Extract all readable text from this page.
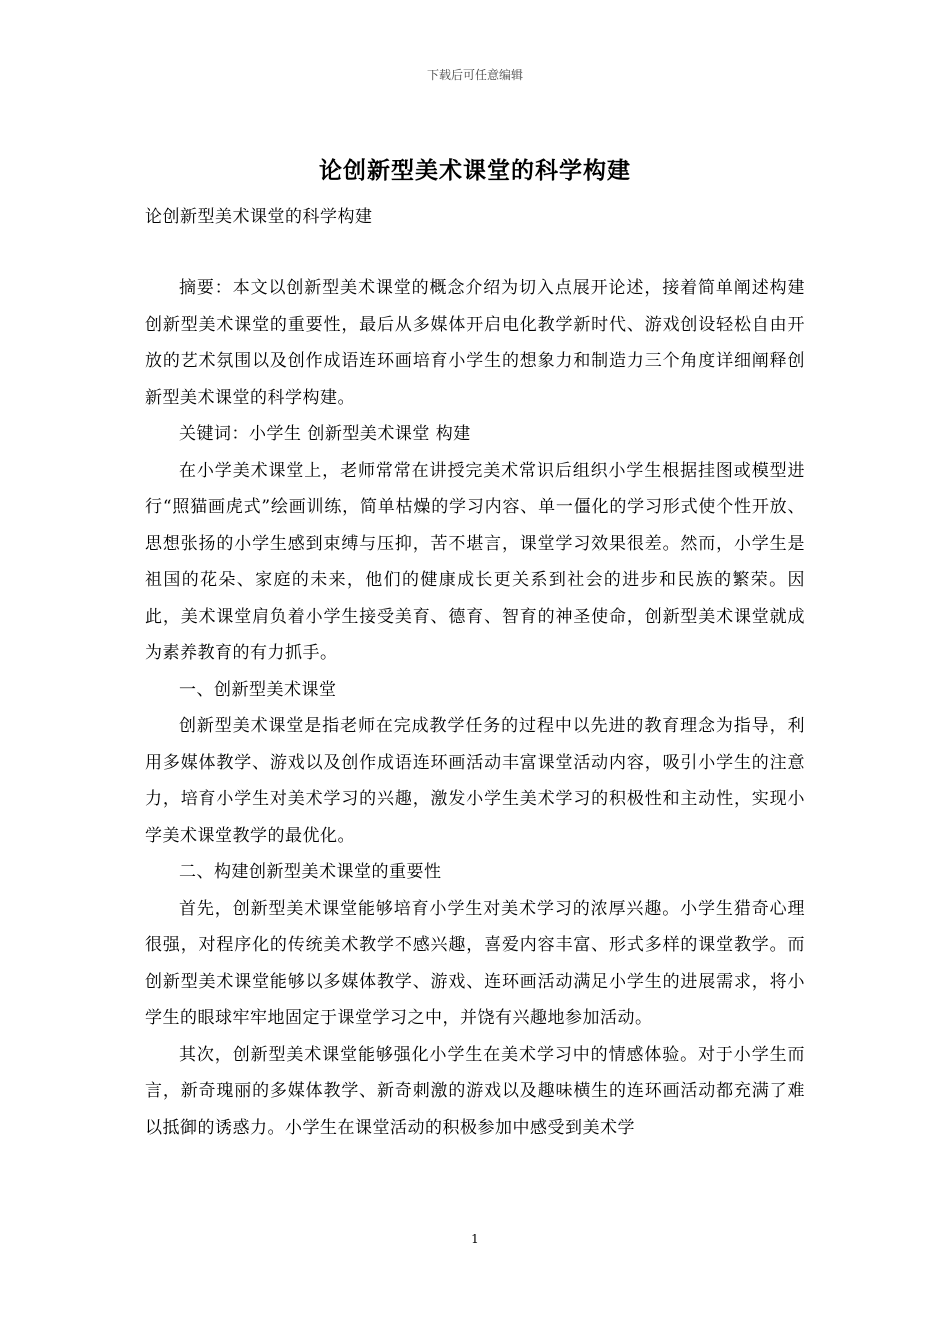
下载后可任意编辑
论创新型美术课堂的科学构建
论创新型美术课堂的科学构建

摘要：本文以创新型美术课堂的概念介绍为切入点展开论述，接着简单阐述构建创新型美术课堂的重要性，最后从多媒体开启电化教学新时代、游戏创设轻松自由开放的艺术氛围以及创作成语连环画培育小学生的想象力和制造力三个角度详细阐释创新型美术课堂的科学构建。

关键词：小学生 创新型美术课堂 构建

在小学美术课堂上，老师常常在讲授完美术常识后组织小学生根据挂图或模型进行“照猫画虎式”绘画训练，简单枯燥的学习内容、单一僵化的学习形式使个性开放、思想张扬的小学生感到束缚与压抑，苦不堪言，课堂学习效果很差。然而，小学生是祖国的花朵、家庭的未来，他们的健康成长更关系到社会的进步和民族的繁荣。因此，美术课堂肩负着小学生接受美育、德育、智育的神圣使命，创新型美术课堂就成为素养教育的有力抓手。

一、创新型美术课堂

创新型美术课堂是指老师在完成教学任务的过程中以先进的教育理念为指导，利用多媒体教学、游戏以及创作成语连环画活动丰富课堂活动内容，吸引小学生的注意力，培育小学生对美术学习的兴趣，激发小学生美术学习的积极性和主动性，实现小学美术课堂教学的最优化。

二、构建创新型美术课堂的重要性

首先，创新型美术课堂能够培育小学生对美术学习的浓厚兴趣。小学生猎奇心理很强，对程序化的传统美术教学不感兴趣，喜爱内容丰富、形式多样的课堂教学。而创新型美术课堂能够以多媒体教学、游戏、连环画活动满足小学生的进展需求，将小学生的眼球牢牢地固定于课堂学习之中，并饶有兴趣地参加活动。

其次，创新型美术课堂能够强化小学生在美术学习中的情感体验。对于小学生而言，新奇瑰丽的多媒体教学、新奇刺激的游戏以及趣味横生的连环画活动都充满了难以抵御的诱惑力。小学生在课堂活动的积极参加中感受到美术学

1
